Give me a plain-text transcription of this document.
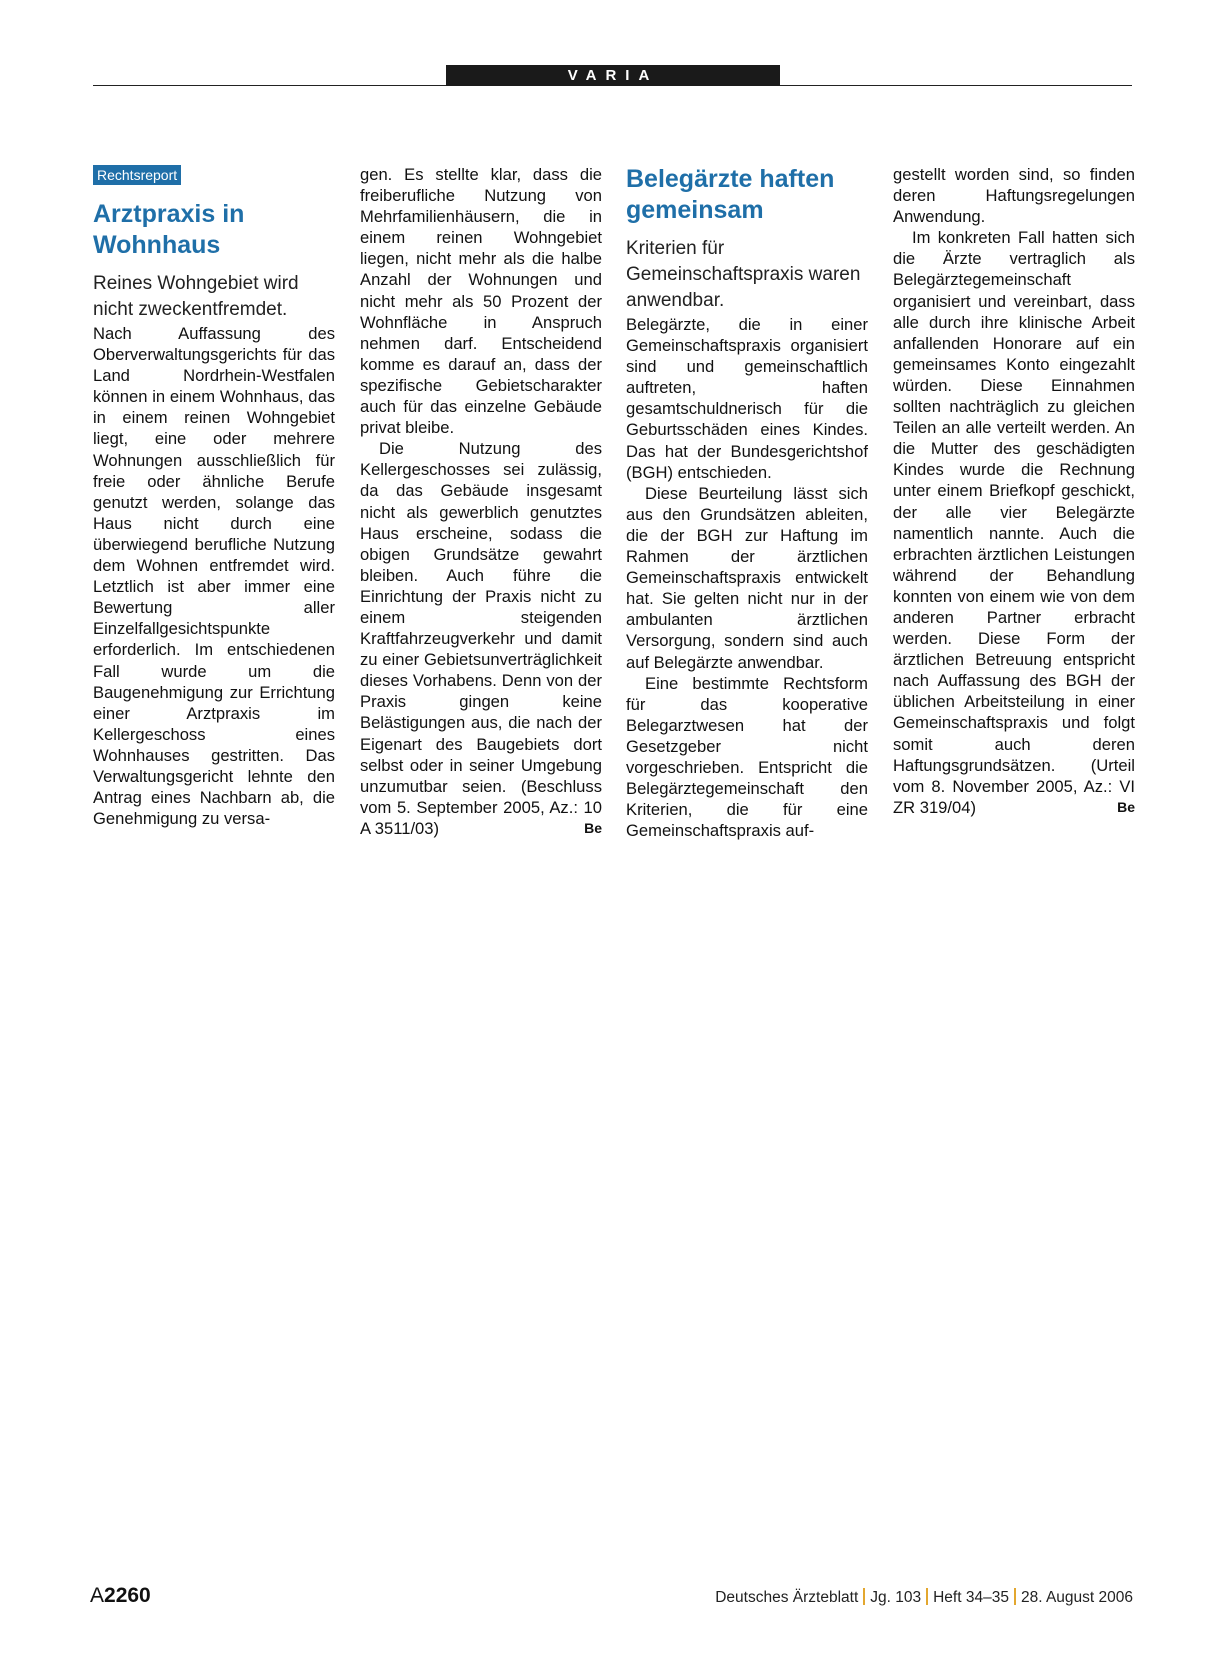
VARIA
Rechtsreport
Arztpraxis in Wohnhaus

Reines Wohngebiet wird nicht zweckentfremdet.

Nach Auffassung des Oberverwaltungsgerichts für das Land Nordrhein-Westfalen können in einem Wohnhaus, das in einem reinen Wohngebiet liegt, eine oder mehrere Wohnungen ausschließlich für freie oder ähnliche Berufe genutzt werden, solange das Haus nicht durch eine überwiegend berufliche Nutzung dem Wohnen entfremdet wird. Letztlich ist aber immer eine Bewertung aller Einzelfallgesichtspunkte erforderlich. Im entschiedenen Fall wurde um die Baugenehmigung zur Errichtung einer Arztpraxis im Kellergeschoss eines Wohnhauses gestritten. Das Verwaltungsgericht lehnte den Antrag eines Nachbarn ab, die Genehmigung zu versa-

gen. Es stellte klar, dass die freiberufliche Nutzung von Mehrfamilienhäusern, die in einem reinen Wohngebiet liegen, nicht mehr als die halbe Anzahl der Wohnungen und nicht mehr als 50 Prozent der Wohnfläche in Anspruch nehmen darf. Entscheidend komme es darauf an, dass der spezifische Gebietscharakter auch für das einzelne Gebäude privat bleibe.

Die Nutzung des Kellergeschosses sei zulässig, da das Gebäude insgesamt nicht als gewerblich genutztes Haus erscheine, sodass die obigen Grundsätze gewahrt bleiben. Auch führe die Einrichtung der Praxis nicht zu einem steigenden Kraftfahrzeugverkehr und damit zu einer Gebietsunverträglichkeit dieses Vorhabens. Denn von der Praxis gingen keine Belästigungen aus, die nach der Eigenart des Baugebiets dort selbst oder in seiner Umgebung unzumutbar seien. (Beschluss vom 5. September 2005, Az.: 10 A 3511/03)	Be
Belegärzte haften gemeinsam

Kriterien für Gemeinschaftspraxis waren anwendbar.

Belegärzte, die in einer Gemeinschaftspraxis organisiert sind und gemeinschaftlich auftreten, haften gesamtschuldnerisch für die Geburtsschäden eines Kindes. Das hat der Bundesgerichtshof (BGH) entschieden.

Diese Beurteilung lässt sich aus den Grundsätzen ableiten, die der BGH zur Haftung im Rahmen der ärztlichen Gemeinschaftspraxis entwickelt hat. Sie gelten nicht nur in der ambulanten ärztlichen Versorgung, sondern sind auch auf Belegärzte anwendbar.

Eine bestimmte Rechtsform für das kooperative Belegarztwesen hat der Gesetzgeber nicht vorgeschrieben. Entspricht die Belegärztegemeinschaft den Kriterien, die für eine Gemeinschaftspraxis auf-

gestellt worden sind, so finden deren Haftungsregelungen Anwendung.

Im konkreten Fall hatten sich die Ärzte vertraglich als Belegärztegemeinschaft organisiert und vereinbart, dass alle durch ihre klinische Arbeit anfallenden Honorare auf ein gemeinsames Konto eingezahlt würden. Diese Einnahmen sollten nachträglich zu gleichen Teilen an alle verteilt werden. An die Mutter des geschädigten Kindes wurde die Rechnung unter einem Briefkopf geschickt, der alle vier Belegärzte namentlich nannte. Auch die erbrachten ärztlichen Leistungen während der Behandlung konnten von einem wie von dem anderen Partner erbracht werden. Diese Form der ärztlichen Betreuung entspricht nach Auffassung des BGH der üblichen Arbeitsteilung in einer Gemeinschaftspraxis und folgt somit auch deren Haftungsgrundsätzen. (Urteil vom 8. November 2005, Az.: VI ZR 319/04)	Be
A2260	Deutsches Ärzteblatt Jg. 103 Heft 34–35 28. August 2006
